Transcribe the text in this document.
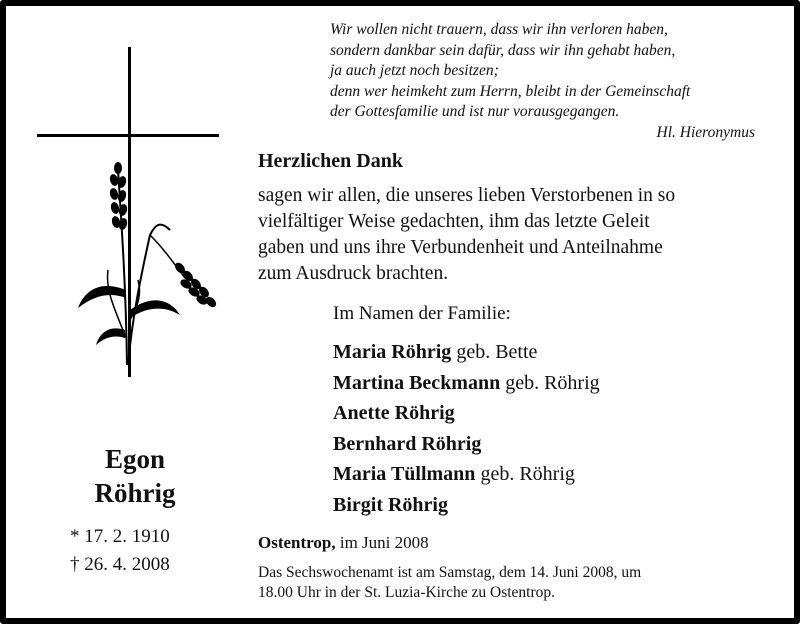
Wir wollen nicht trauern, dass wir ihn verloren haben,
sondern dankbar sein dafür, dass wir ihn gehabt haben,
ja auch jetzt noch besitzen;
denn wer heimkeht zum Herrn, bleibt in der Gemeinschaft
der Gottesfamilie und ist nur vorausgegangen.
Hl. Hieronymus
Herzlichen Dank
sagen wir allen, die unseres lieben Verstorbenen in so
vielfältiger Weise gedachten, ihm das letzte Geleit
gaben und uns ihre Verbundenheit und Anteilnahme
zum Ausdruck brachten.
Im Namen der Familie:
Maria Röhrig geb. Bette
Martina Beckmann geb. Röhrig
Anette Röhrig
Bernhard Röhrig
Maria Tüllmann geb. Röhrig
Birgit Röhrig
Ostentrop, im Juni 2008
Das Sechswochenamt ist am Samstag, dem 14. Juni 2008, um
18.00 Uhr in der St. Luzia-Kirche zu Ostentrop.
Egon
Röhrig
* 17. 2. 1910
† 26. 4. 2008
